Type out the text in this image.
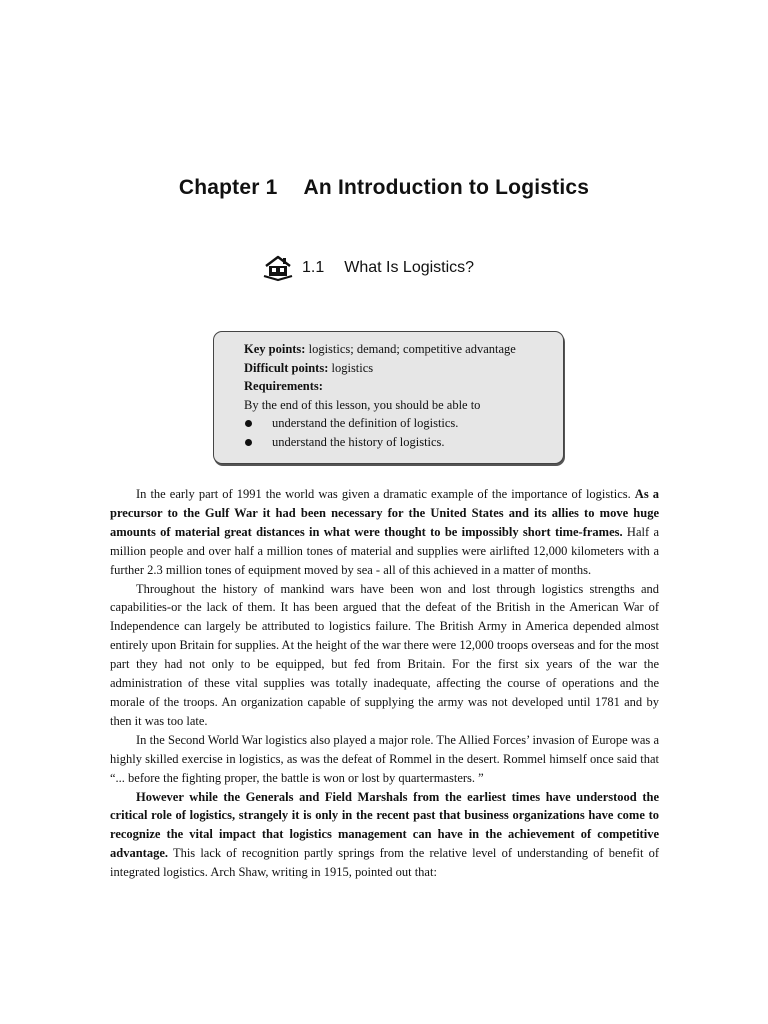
Chapter 1 An Introduction to Logistics
1.1 What Is Logistics?
Key points: logistics; demand; competitive advantage
Difficult points: logistics
Requirements:
By the end of this lesson, you should be able to
understand the definition of logistics.
understand the history of logistics.

In the early part of 1991 the world was given a dramatic example of the importance of logistics. As a precursor to the Gulf War it had been necessary for the United States and its allies to move huge amounts of material great distances in what were thought to be impossibly short time-frames. Half a million people and over half a million tones of material and supplies were airlifted 12,000 kilometers with a further 2.3 million tones of equipment moved by sea - all of this achieved in a matter of months.

Throughout the history of mankind wars have been won and lost through logistics strengths and capabilities-or the lack of them. It has been argued that the defeat of the British in the American War of Independence can largely be attributed to logistics failure. The British Army in America depended almost entirely upon Britain for supplies. At the height of the war there were 12,000 troops overseas and for the most part they had not only to be equipped, but fed from Britain. For the first six years of the war the administration of these vital supplies was totally inadequate, affecting the course of operations and the morale of the troops. An organization capable of supplying the army was not developed until 1781 and by then it was too late.

In the Second World War logistics also played a major role. The Allied Forces’ invasion of Europe was a highly skilled exercise in logistics, as was the defeat of Rommel in the desert. Rommel himself once said that “... before the fighting proper, the battle is won or lost by quartermasters. ”

However while the Generals and Field Marshals from the earliest times have understood the critical role of logistics, strangely it is only in the recent past that business organizations have come to recognize the vital impact that logistics management can have in the achievement of competitive advantage. This lack of recognition partly springs from the relative level of understanding of benefit of integrated logistics. Arch Shaw, writing in 1915, pointed out that:
